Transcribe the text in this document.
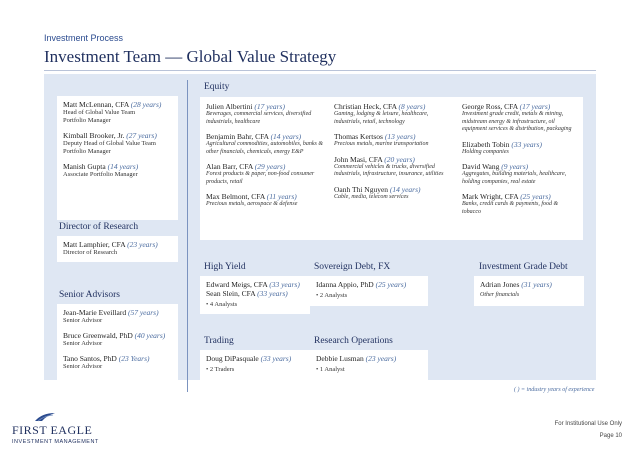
Investment Process
Investment Team — Global Value Strategy
Matt McLennan, CFA (28 years)
Head of Global Value Team
Portfolio Manager
Kimball Brooker, Jr. (27 years)
Deputy Head of Global Value Team
Portfolio Manager
Manish Gupta (14 years)
Associate Portfolio Manager
Director of Research
Matt Lamphier, CFA (23 years)
Director of Research
Senior Advisors
Jean-Marie Eveillard (57 years)
Senior Advisor
Bruce Greenwald, PhD (40 years)
Senior Advisor
Tano Santos, PhD (23 Years)
Senior Advisor
Equity
Julien Albertini (17 years)
Beverages, commercial services, diversified industrials, healthcare
Benjamin Bahr, CFA (14 years)
Agricultural commodities, automobiles, banks & other financials, chemicals, energy E&P
Alan Barr, CFA (29 years)
Forest products & paper, non-food consumer products, retail
Max Belmont, CFA (11 years)
Precious metals, aerospace & defense
Christian Heck, CFA (8 years)
Gaming, lodging & leisure, healthcare, industrials, retail, technology
Thomas Kertsos (13 years)
Precious metals, marine transportation
John Masi, CFA (20 years)
Commercial vehicles & trucks, diversified industrials, infrastructure, insurance, utilities
Oanh Thi Nguyen (14 years)
Cable, media, telecom services
George Ross, CFA (17 years)
Investment grade credit, metals & mining, midstream energy & infrastructure, oil equipment services & distribution, packaging
Elizabeth Tobin (33 years)
Holding companies
David Wang (9 years)
Aggregates, building materials, healthcare, holding companies, real estate
Mark Wright, CFA (25 years)
Banks, credit cards & payments, food & tobacco
High Yield
Edward Meigs, CFA (33 years)
Sean Slein, CFA (33 years)
• 4 Analysts
Sovereign Debt, FX
Idanna Appio, PhD (25 years)
• 2 Analysts
Investment Grade Debt
Adrian Jones (31 years)
Other financials
Trading
Doug DiPasquale (33 years)
• 2 Traders
Research Operations
Debbie Lusman (23 years)
• 1 Analyst
( ) = industry years of experience
FIRST EAGLE
INVESTMENT MANAGEMENT
For Institutional Use Only
Page 10
